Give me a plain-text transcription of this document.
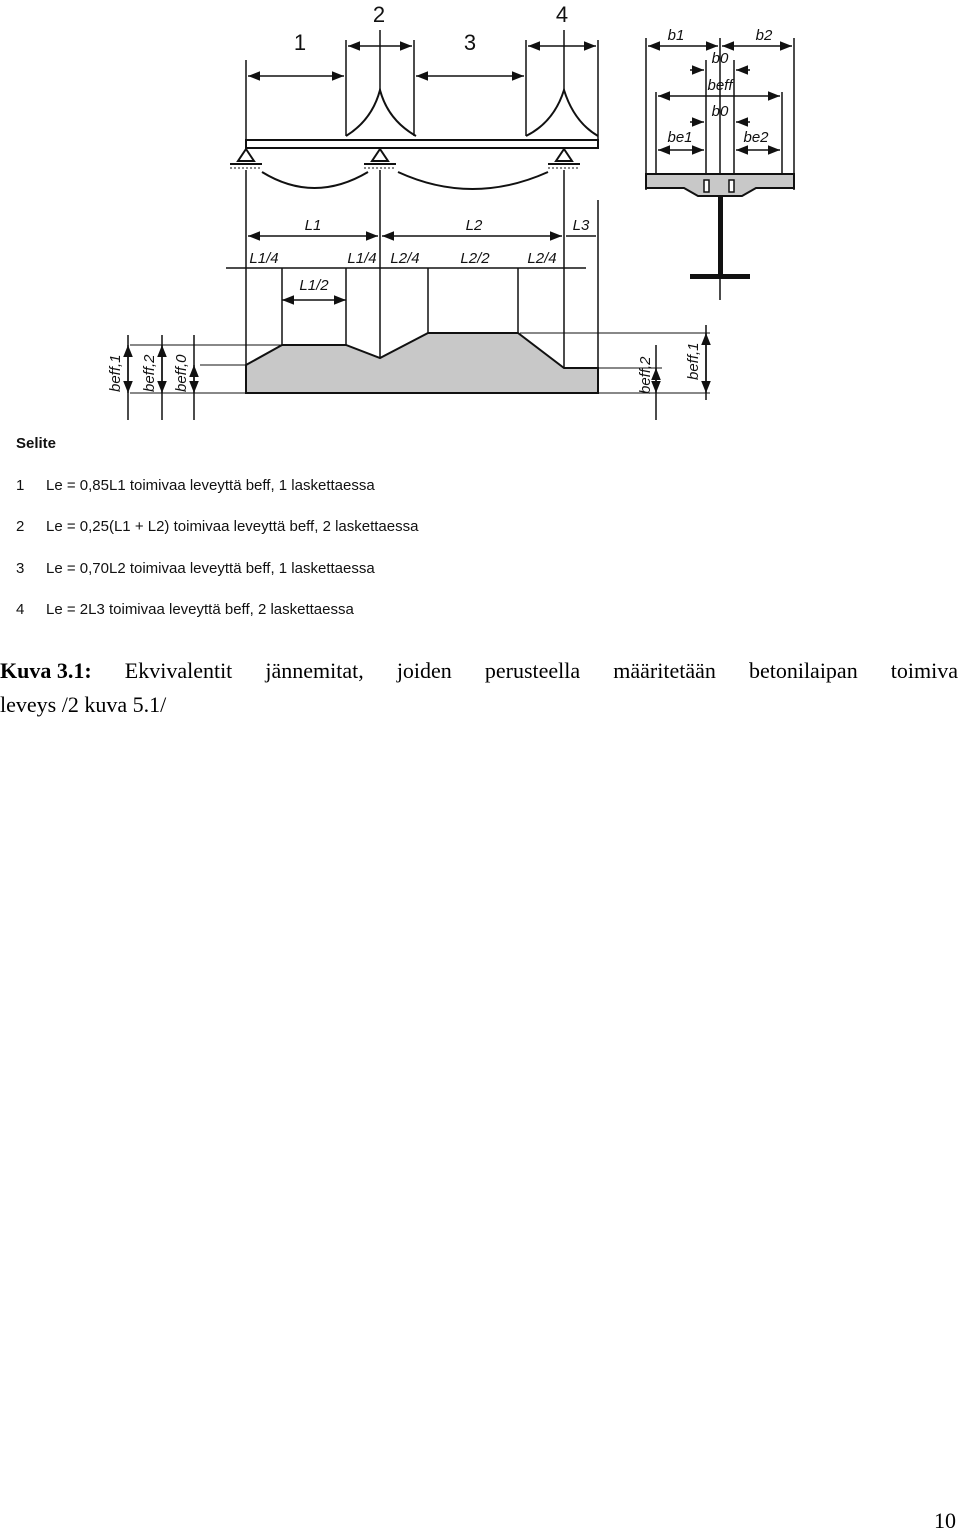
1
2
3
4
L1	L2	L3
L1/4	L1/4 L2/4	L2/2	L2/4
L1/2
beff,1 beff,2 beff,0	beff,2 beff,1
b1	b2
b0
beff
b0
be1	be2
Selite
1 Le = 0,85L1 toimivaa leveyttä beff, 1 laskettaessa
2 Le = 0,25(L1 + L2) toimivaa leveyttä beff, 2 laskettaessa
3 Le = 0,70L2 toimivaa leveyttä beff, 1 laskettaessa
4 Le = 2L3 toimivaa leveyttä beff, 2 laskettaessa
Kuva 3.1: Ekvivalentit jännemitat, joiden perusteella määritetään betonilaipan toimiva
leveys /2 kuva 5.1/
10
